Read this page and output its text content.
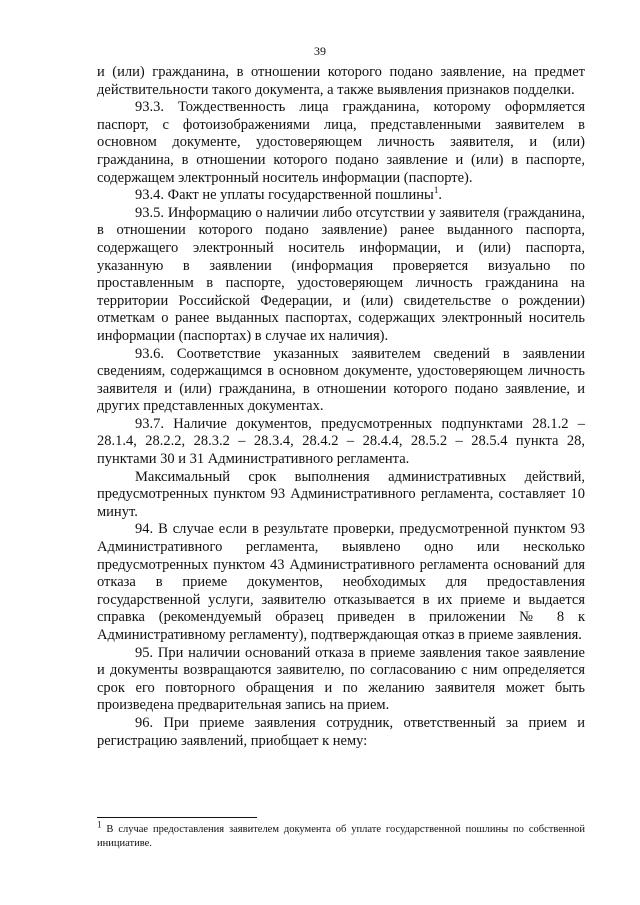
39

и (или) гражданина, в отношении которого подано заявление, на предмет действительности такого документа, а также выявления признаков подделки.

93.3. Тождественность лица гражданина, которому оформляется паспорт, с фотоизображениями лица, представленными заявителем в основном документе, удостоверяющем личность заявителя, и (или) гражданина, в отношении которого подано заявление и (или) в паспорте, содержащем электронный носитель информации (паспорте).

93.4. Факт не уплаты государственной пошлины$^1$.

93.5. Информацию о наличии либо отсутствии у заявителя (гражданина, в отношении которого подано заявление) ранее выданного паспорта, содержащего электронный носитель информации, и (или) паспорта, указанную в заявлении (информация проверяется визуально по проставленным в паспорте, удостоверяющем личность гражданина на территории Российской Федерации, и (или) свидетельстве о рождении) отметкам о ранее выданных паспортах, содержащих электронный носитель информации (паспортах) в случае их наличия).

93.6. Соответствие указанных заявителем сведений в заявлении сведениям, содержащимся в основном документе, удостоверяющем личность заявителя и (или) гражданина, в отношении которого подано заявление, и других представленных документах.

93.7. Наличие документов, предусмотренных подпунктами 28.1.2 – 28.1.4, 28.2.2, 28.3.2 – 28.3.4, 28.4.2 – 28.4.4, 28.5.2 – 28.5.4 пункта 28, пунктами 30 и 31 Административного регламента.

Максимальный срок выполнения административных действий, предусмотренных пунктом 93 Административного регламента, составляет 10 минут.

94. В случае если в результате проверки, предусмотренной пунктом 93 Административного регламента, выявлено одно или несколько предусмотренных пунктом 43 Административного регламента оснований для отказа в приеме документов, необходимых для предоставления государственной услуги, заявителю отказывается в их приеме и выдается справка (рекомендуемый образец приведен в приложении № 8 к Административному регламенту), подтверждающая отказ в приеме заявления.

95. При наличии оснований отказа в приеме заявления такое заявление и документы возвращаются заявителю, по согласованию с ним определяется срок его повторного обращения и по желанию заявителя может быть произведена предварительная запись на прием.

96. При приеме заявления сотрудник, ответственный за прием и регистрацию заявлений, приобщает к нему:

$^1$ В случае предоставления заявителем документа об уплате государственной пошлины по собственной инициативе.
